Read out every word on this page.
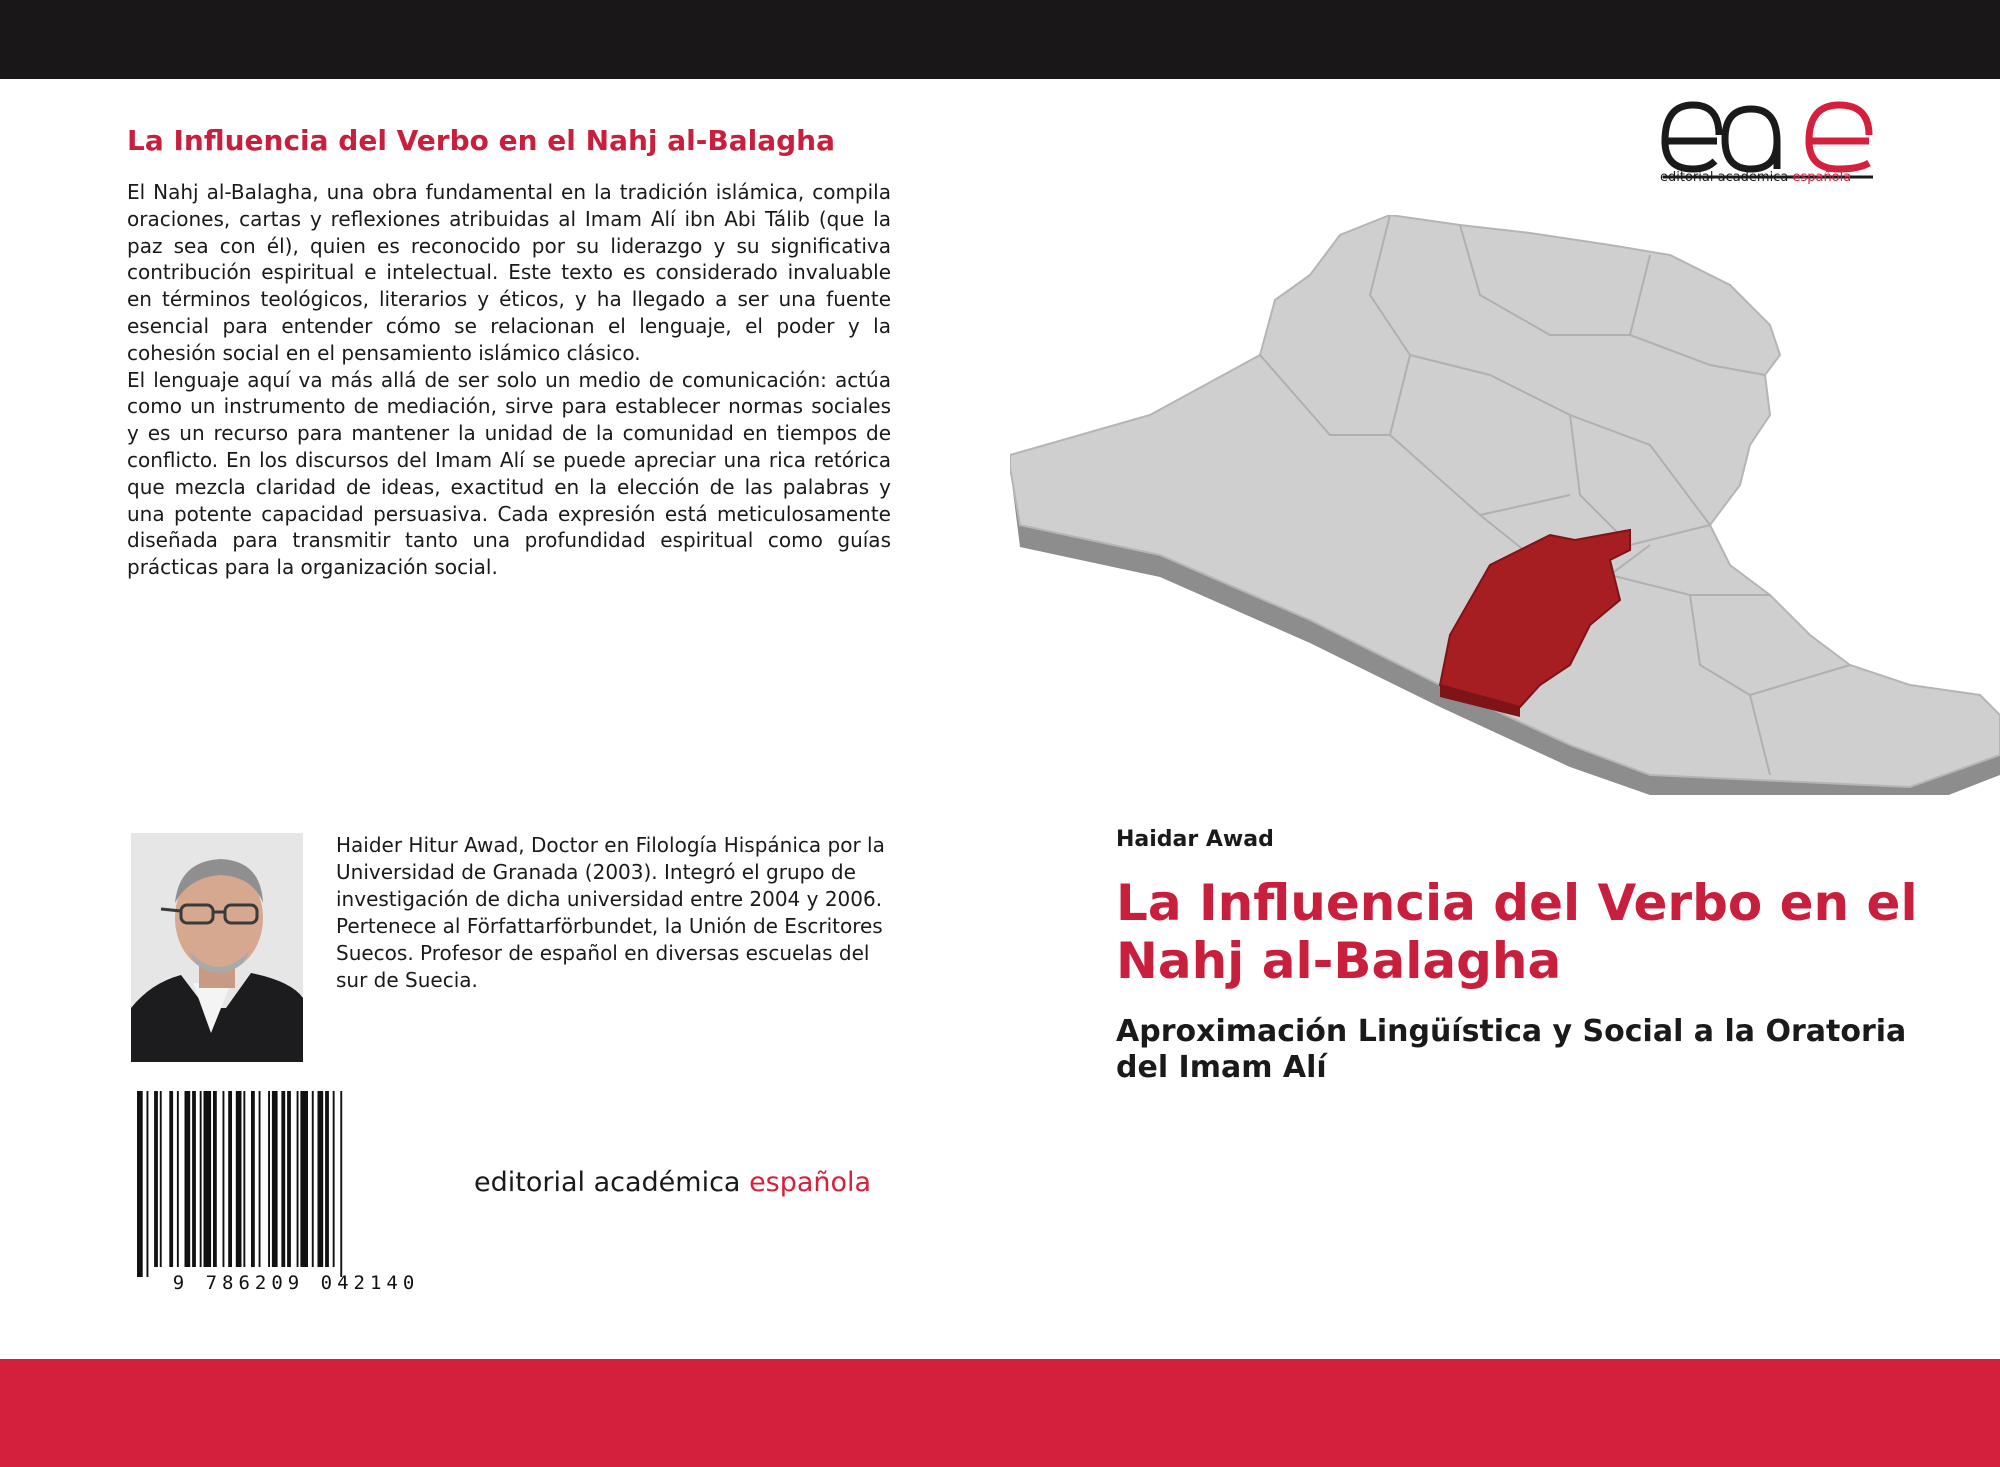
La Influencia del Verbo en el Nahj al-Balagha

El Nahj al-Balagha, una obra fundamental en la tradición islámica, compila oraciones, cartas y reflexiones atribuidas al Imam Alí ibn Abi Tálib (que la paz sea con él), quien es reconocido por su liderazgo y su significativa contribución espiritual e intelectual. Este texto es considerado invaluable en términos teológicos, literarios y éticos, y ha llegado a ser una fuente esencial para entender cómo se relacionan el lenguaje, el poder y la cohesión social en el pensamiento islámico clásico.

El lenguaje aquí va más allá de ser solo un medio de comunicación: actúa como un instrumento de mediación, sirve para establecer normas sociales y es un recurso para mantener la unidad de la comunidad en tiempos de conflicto. En los discursos del Imam Alí se puede apreciar una rica retórica que mezcla claridad de ideas, exactitud en la elección de las palabras y una potente capacidad persuasiva. Cada expresión está meticulosamente diseñada para transmitir tanto una profundidad espiritual como guías prácticas para la organización social.

Haider Hitur Awad, Doctor en Filología Hispánica por la Universidad de Granada (2003). Integró el grupo de investigación de dicha universidad entre 2004 y 2006. Pertenece al Författarförbundet, la Unión de Escritores Suecos. Profesor de español en diversas escuelas del sur de Suecia.

9 786209 042140
editorial académica española
editorial académica española
Haidar Awad
La Influencia del Verbo en el Nahj al-Balagha
Aproximación Lingüística y Social a la Oratoria del Imam Alí
